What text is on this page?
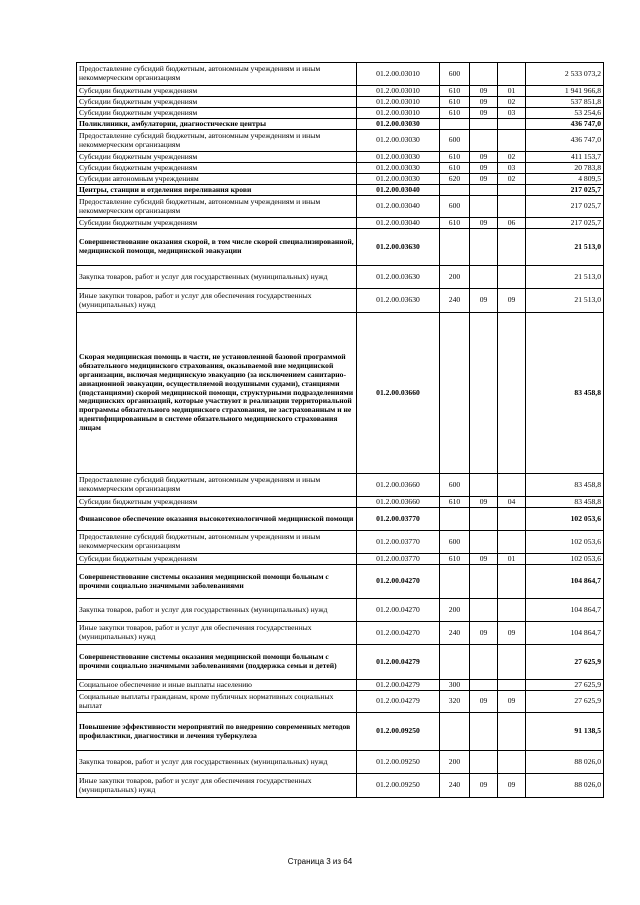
Предоставление субсидий бюджетным, автономным учреждениям и иным некоммерческим организациям	01.2.00.03010	600			2 533 073,2
Субсидии бюджетным учреждениям	01.2.00.03010	610	09	01	1 941 966,8
Субсидии бюджетным учреждениям	01.2.00.03010	610	09	02	537 851,8
Субсидии бюджетным учреждениям	01.2.00.03010	610	09	03	53 254,6
Поликлиники, амбулатории, диагностические центры	01.2.00.03030				436 747,0
Предоставление субсидий бюджетным, автономным учреждениям и иным некоммерческим организациям	01.2.00.03030	600			436 747,0
Субсидии бюджетным учреждениям	01.2.00.03030	610	09	02	411 153,7
Субсидии бюджетным учреждениям	01.2.00.03030	610	09	03	20 783,8
Субсидии автономным учреждениям	01.2.00.03030	620	09	02	4 809,5
Центры, станции и отделения переливания крови	01.2.00.03040				217 025,7
Предоставление субсидий бюджетным, автономным учреждениям и иным некоммерческим организациям	01.2.00.03040	600			217 025,7
Субсидии бюджетным учреждениям	01.2.00.03040	610	09	06	217 025,7
Совершенствование оказания скорой, в том числе скорой специализированной, медицинской помощи, медицинской эвакуации	01.2.00.03630				21 513,0
Закупка товаров, работ и услуг для государственных (муниципальных) нужд	01.2.00.03630	200			21 513,0
Иные закупки товаров, работ и услуг для обеспечения государственных (муниципальных) нужд	01.2.00.03630	240	09	09	21 513,0
Скорая медицинская помощь в части, не установленной базовой программой обязательного медицинского страхования, оказываемой вне медицинской организации, включая медицинскую эвакуацию (за исключением санитарно-авиационной эвакуации, осуществляемой воздушными судами), станциями (подстанциями) скорой медицинской помощи, структурными подразделениями медицинских организаций, которые участвуют в реализации территориальной программы обязательного медицинского страхования, не застрахованным и не идентифицированным в системе обязательного медицинского страхования лицам	01.2.00.03660				83 458,8
Предоставление субсидий бюджетным, автономным учреждениям и иным некоммерческим организациям	01.2.00.03660	600			83 458,8
Субсидии бюджетным учреждениям	01.2.00.03660	610	09	04	83 458,8
Финансовое обеспечение оказания высокотехнологичной медицинской помощи	01.2.00.03770				102 053,6
Предоставление субсидий бюджетным, автономным учреждениям и иным некоммерческим организациям	01.2.00.03770	600			102 053,6
Субсидии бюджетным учреждениям	01.2.00.03770	610	09	01	102 053,6
Совершенствование системы оказания медицинской помощи больным с прочими социально значимыми заболеваниями	01.2.00.04270				104 864,7
Закупка товаров, работ и услуг для государственных (муниципальных) нужд	01.2.00.04270	200			104 864,7
Иные закупки товаров, работ и услуг для обеспечения государственных (муниципальных) нужд	01.2.00.04270	240	09	09	104 864,7
Совершенствование системы оказания медицинской помощи больным с прочими социально значимыми заболеваниями (поддержка семьи и детей)	01.2.00.04279				27 625,9
Социальное обеспечение и иные выплаты населению	01.2.00.04279	300			27 625,9
Социальные выплаты гражданам, кроме публичных нормативных социальных выплат	01.2.00.04279	320	09	09	27 625,9
Повышение эффективности мероприятий по внедрению современных методов профилактики, диагностики и лечения туберкулеза	01.2.00.09250				91 138,5
Закупка товаров, работ и услуг для государственных (муниципальных) нужд	01.2.00.09250	200			88 026,0
Иные закупки товаров, работ и услуг для обеспечения государственных (муниципальных) нужд	01.2.00.09250	240	09	09	88 026,0
Страница 3 из 64
